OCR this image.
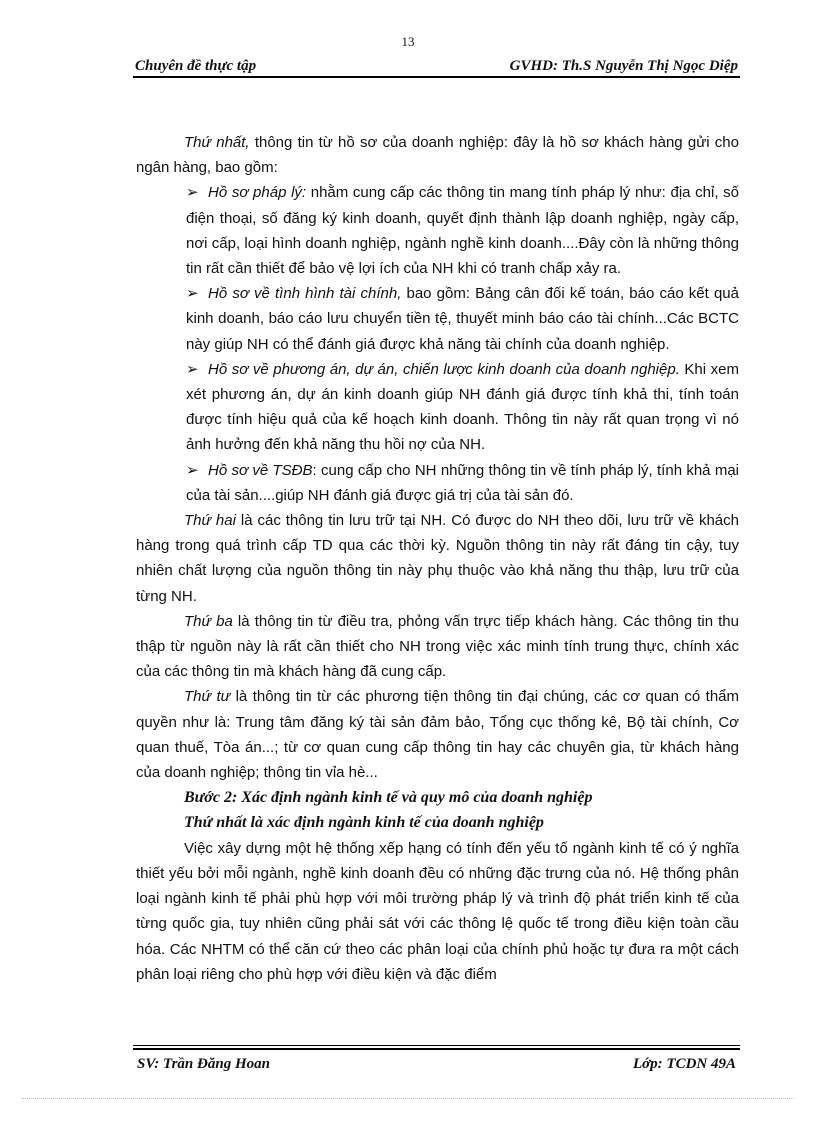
13
Chuyên đề thực tập	GVHD: Th.S Nguyễn Thị Ngọc Diệp

Thứ nhất, thông tin từ hồ sơ của doanh nghiệp: đây là hồ sơ khách hàng gửi cho ngân hàng, bao gồm:

➢ Hồ sơ pháp lý: nhằm cung cấp các thông tin mang tính pháp lý như: địa chỉ, số điện thoại, số đăng ký kinh doanh, quyết định thành lập doanh nghiệp, ngày cấp, nơi cấp, loại hình doanh nghiệp, ngành nghề kinh doanh....Đây còn là những thông tin rất cần thiết để bảo vệ lợi ích của NH khi có tranh chấp xảy ra.

➢ Hồ sơ về tình hình tài chính, bao gồm: Bảng cân đối kế toán, báo cáo kết quả kinh doanh, báo cáo lưu chuyển tiền tệ, thuyết minh báo cáo tài chính...Các BCTC này giúp NH có thể đánh giá được khả năng tài chính của doanh nghiệp.

➢ Hồ sơ về phương án, dự án, chiến lược kinh doanh của doanh nghiệp. Khi xem xét phương án, dự án kinh doanh giúp NH đánh giá được tính khả thi, tính toán được tính hiệu quả của kế hoạch kinh doanh. Thông tin này rất quan trọng vì nó ảnh hưởng đến khả năng thu hồi nợ của NH.

➢ Hồ sơ về TSĐB: cung cấp cho NH những thông tin về tính pháp lý, tính khả mại của tài sản....giúp NH đánh giá được giá trị của tài sản đó.

Thứ hai là các thông tin lưu trữ tại NH. Có được do NH theo dõi, lưu trữ về khách hàng trong quá trình cấp TD qua các thời kỳ. Nguồn thông tin này rất đáng tin cậy, tuy nhiên chất lượng của nguồn thông tin này phụ thuộc vào khả năng thu thập, lưu trữ của từng NH.

Thứ ba là thông tin từ điều tra, phỏng vấn trực tiếp khách hàng. Các thông tin thu thập từ nguồn này là rất cần thiết cho NH trong việc xác minh tính trung thực, chính xác của các thông tin mà khách hàng đã cung cấp.

Thứ tư là thông tin từ các phương tiện thông tin đại chúng, các cơ quan có thẩm quyền như là: Trung tâm đăng ký tài sản đảm bảo, Tổng cục thống kê, Bộ tài chính, Cơ quan thuế, Tòa án...; từ cơ quan cung cấp thông tin hay các chuyên gia, từ khách hàng của doanh nghiệp; thông tin vỉa hè...

Bước 2: Xác định ngành kinh tế và quy mô của doanh nghiệp

Thứ nhất là xác định ngành kinh tế của doanh nghiệp

Việc xây dựng một hệ thống xếp hạng có tính đến yếu tố ngành kinh tế có ý nghĩa thiết yếu bởi mỗi ngành, nghề kinh doanh đều có những đặc trưng của nó. Hệ thống phân loại ngành kinh tế phải phù hợp với môi trường pháp lý và trình độ phát triển kinh tế của từng quốc gia, tuy nhiên cũng phải sát với các thông lệ quốc tế trong điều kiện toàn cầu hóa. Các NHTM có thể căn cứ theo các phân loại của chính phủ hoặc tự đưa ra một cách phân loại riêng cho phù hợp với điều kiện và đặc điểm

SV: Trần Đăng Hoan	Lớp: TCDN 49A
